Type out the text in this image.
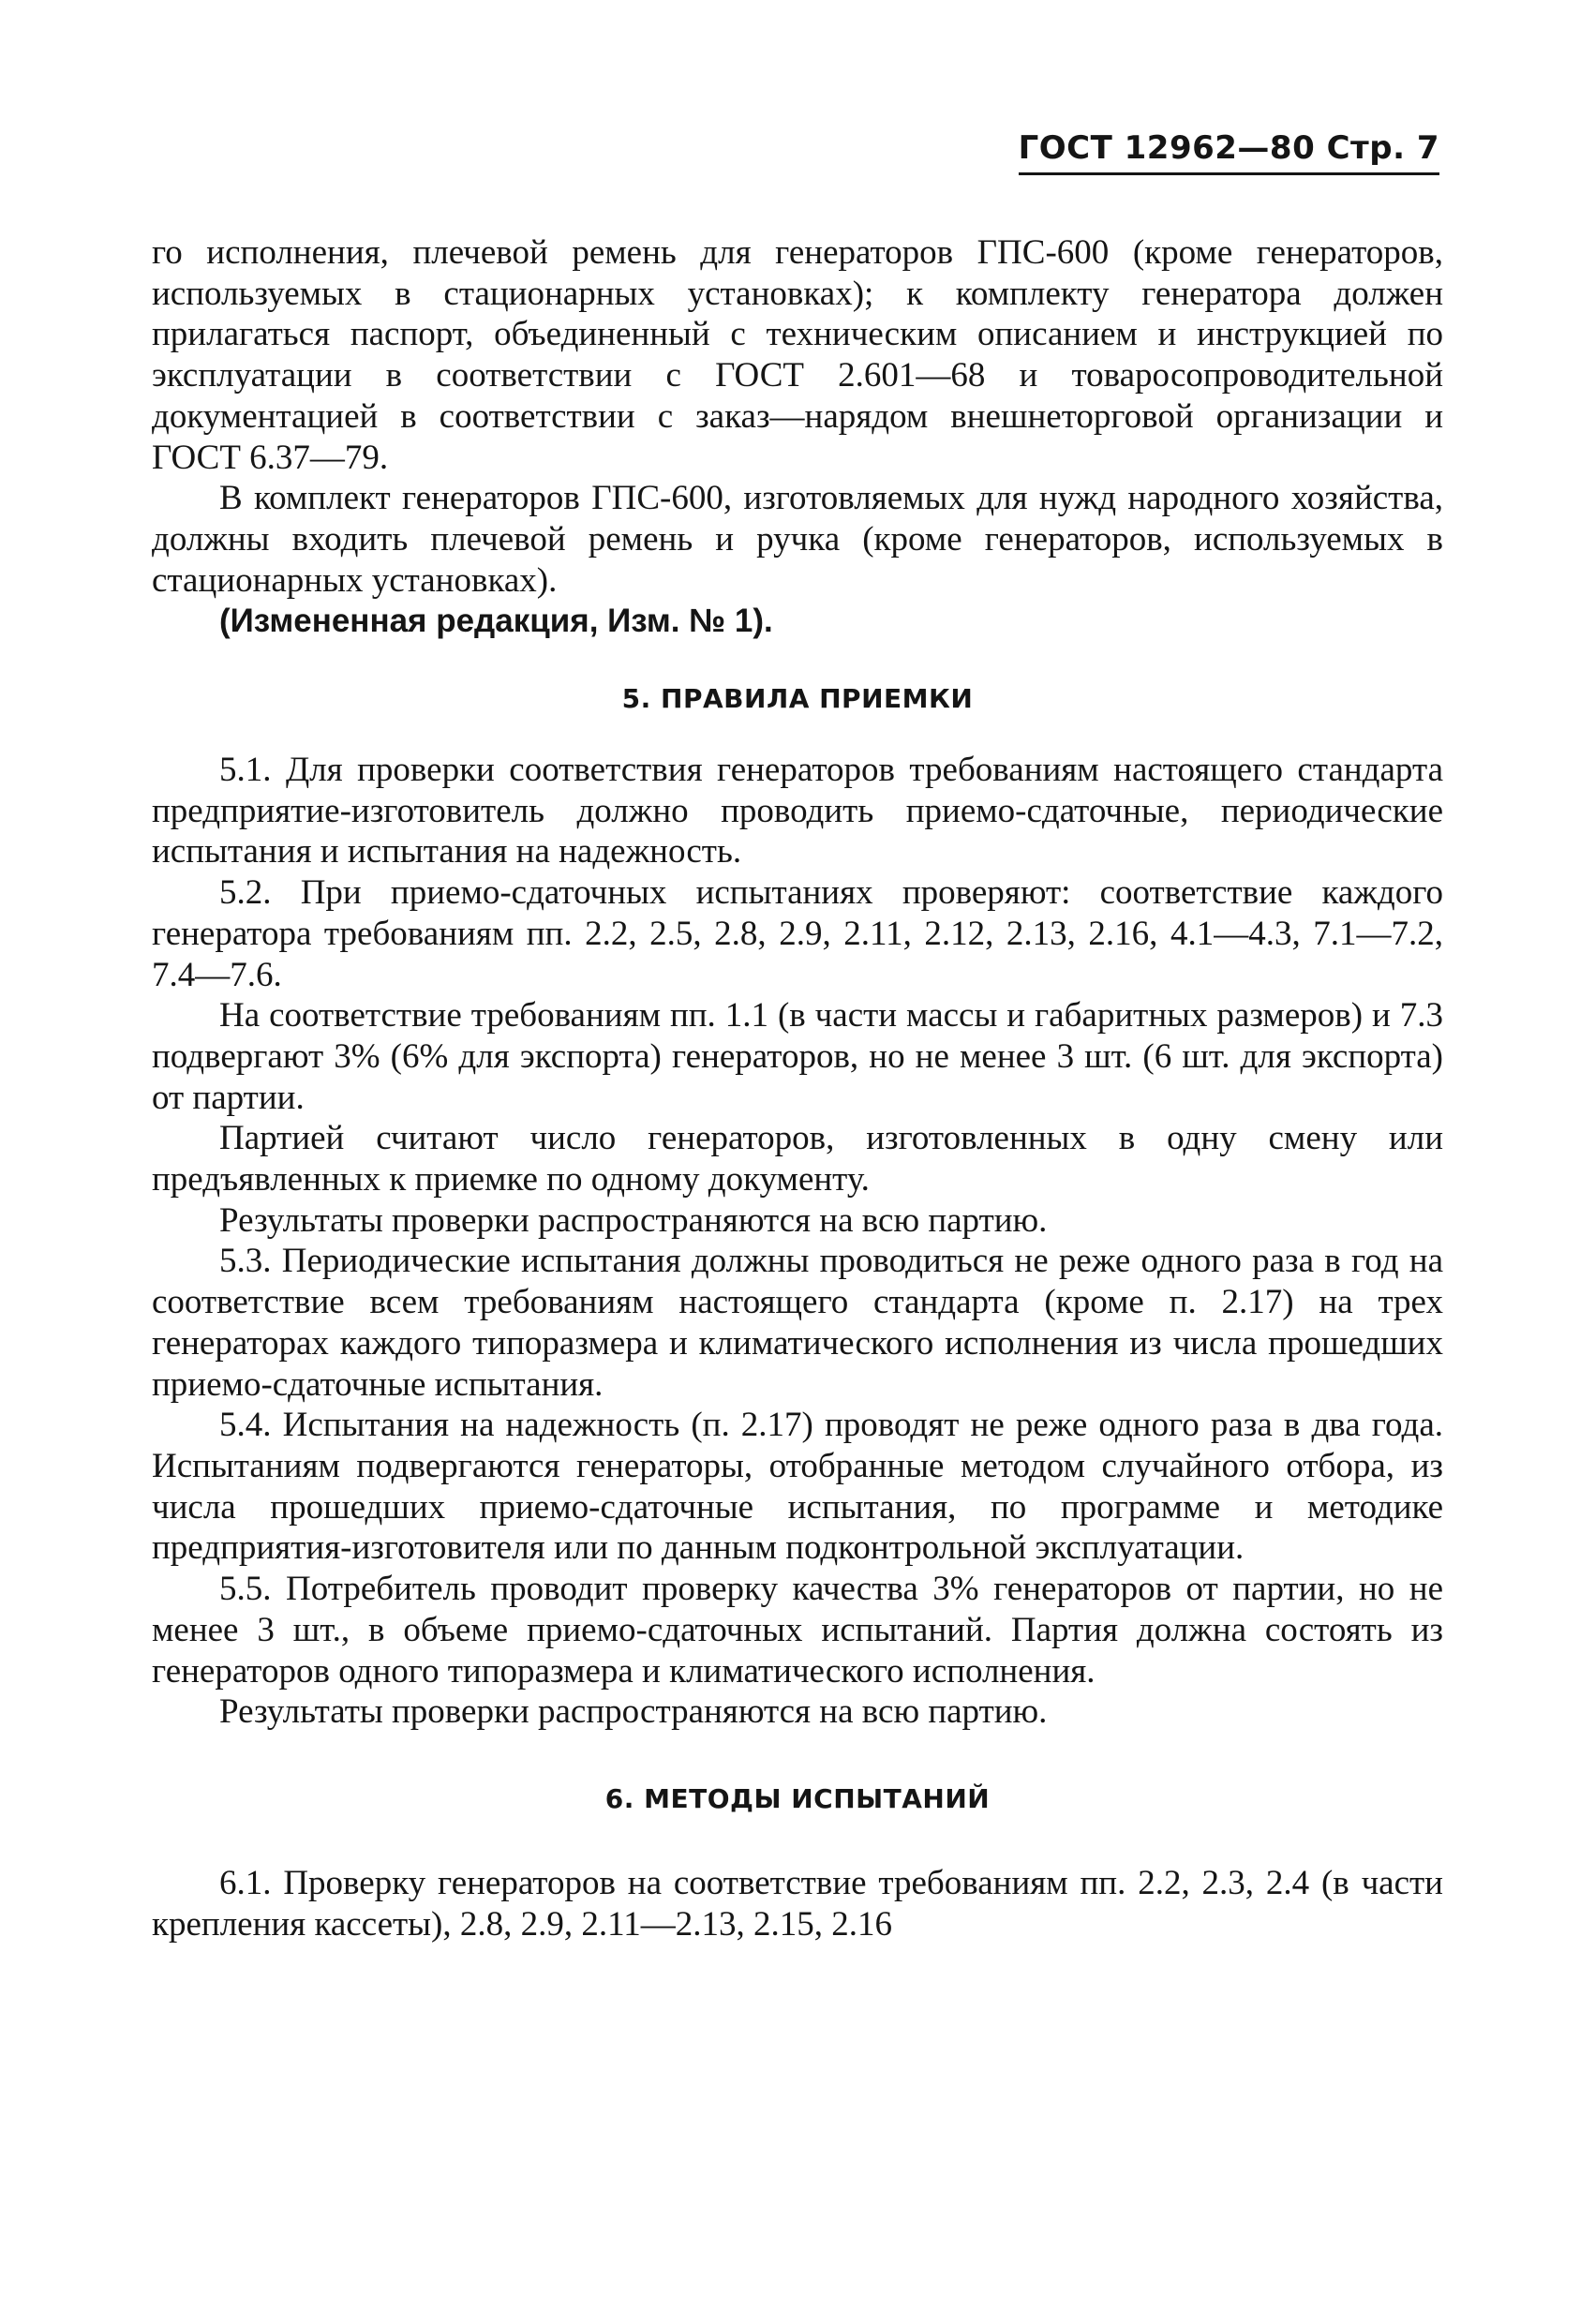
ГОСТ 12962—80 Стр. 7

го исполнения, плечевой ремень для генераторов ГПС-600 (кроме генераторов, используемых в стационарных установках); к комплекту генератора должен прилагаться паспорт, объединенный с техническим описанием и инструкцией по эксплуатации в соответствии с ГОСТ 2.601—68 и товаросопроводительной документацией в соответствии с заказ—нарядом внешнеторговой организации и ГОСТ 6.37—79.

В комплект генераторов ГПС-600, изготовляемых для нужд народного хозяйства, должны входить плечевой ремень и ручка (кроме генераторов, используемых в стационарных установках).

(Измененная редакция, Изм. № 1).

5. ПРАВИЛА ПРИЕМКИ

5.1. Для проверки соответствия генераторов требованиям настоящего стандарта предприятие-изготовитель должно проводить приемо-сдаточные, периодические испытания и испытания на надежность.

5.2. При приемо-сдаточных испытаниях проверяют: соответствие каждого генератора требованиям пп. 2.2, 2.5, 2.8, 2.9, 2.11, 2.12, 2.13, 2.16, 4.1—4.3, 7.1—7.2, 7.4—7.6.

На соответствие требованиям пп. 1.1 (в части массы и габаритных размеров) и 7.3 подвергают 3% (6% для экспорта) генераторов, но не менее 3 шт. (6 шт. для экспорта) от партии.

Партией считают число генераторов, изготовленных в одну смену или предъявленных к приемке по одному документу.

Результаты проверки распространяются на всю партию.

5.3. Периодические испытания должны проводиться не реже одного раза в год на соответствие всем требованиям настоящего стандарта (кроме п. 2.17) на трех генераторах каждого типоразмера и климатического исполнения из числа прошедших приемо-сдаточные испытания.

5.4. Испытания на надежность (п. 2.17) проводят не реже одного раза в два года. Испытаниям подвергаются генераторы, отобранные методом случайного отбора, из числа прошедших приемо-сдаточные испытания, по программе и методике предприятия-изготовителя или по данным подконтрольной эксплуатации.

5.5. Потребитель проводит проверку качества 3% генераторов от партии, но не менее 3 шт., в объеме приемо-сдаточных испытаний. Партия должна состоять из генераторов одного типоразмера и климатического исполнения.

Результаты проверки распространяются на всю партию.

6. МЕТОДЫ ИСПЫТАНИЙ

6.1. Проверку генераторов на соответствие требованиям пп. 2.2, 2.3, 2.4 (в части крепления кассеты), 2.8, 2.9, 2.11—2.13, 2.15, 2.16
